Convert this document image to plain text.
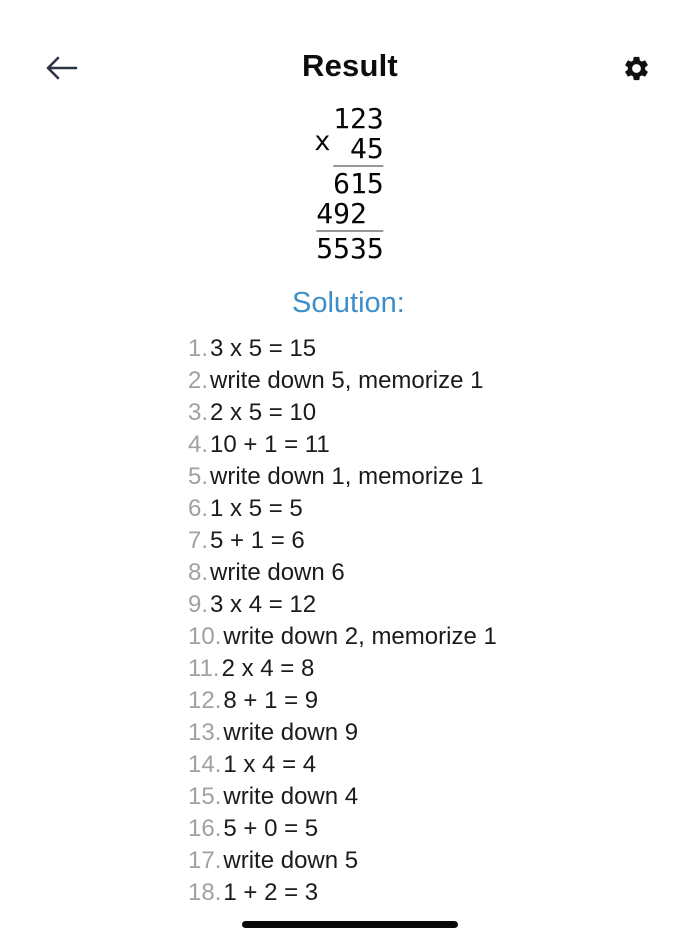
Result
x
123
45
615
492
5535
Solution:
1.3 x 5 = 15
2.write down 5, memorize 1
3.2 x 5 = 10
4.10 + 1 = 11
5.write down 1, memorize 1
6.1 x 5 = 5
7.5 + 1 = 6
8.write down 6
9.3 x 4 = 12
10.write down 2, memorize 1
11.2 x 4 = 8
12.8 + 1 = 9
13.write down 9
14.1 x 4 = 4
15.write down 4
16.5 + 0 = 5
17.write down 5
18.1 + 2 = 3
